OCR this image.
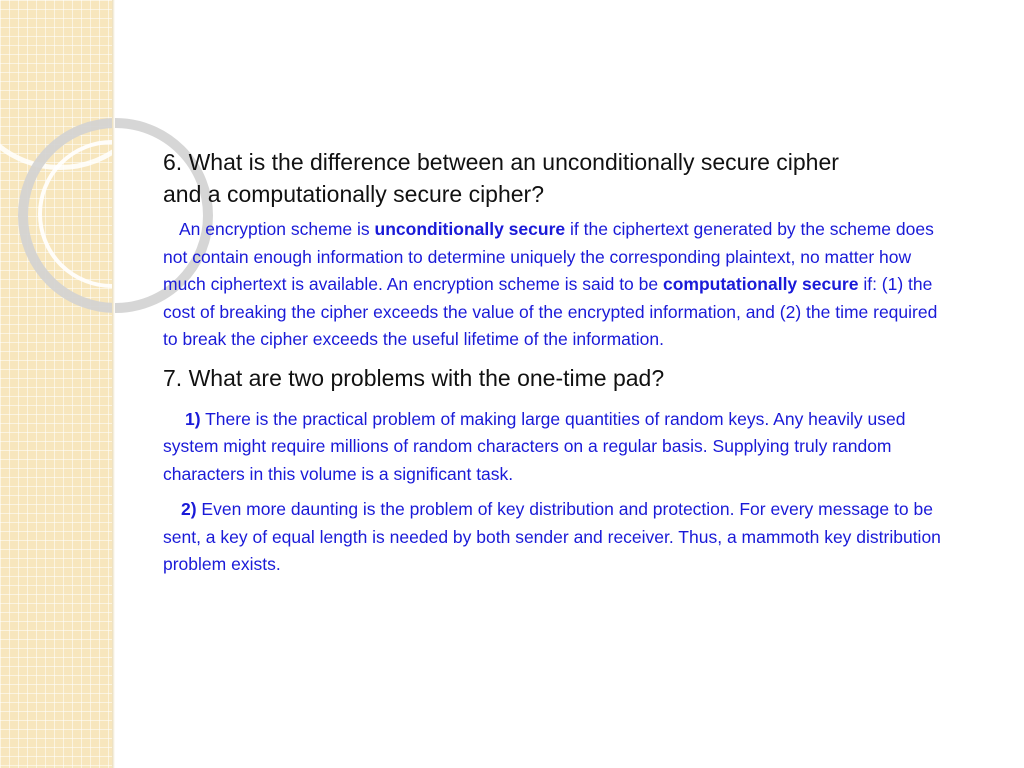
6. What is the difference between an unconditionally secure cipher
and a computationally secure cipher?

An encryption scheme is unconditionally secure if the ciphertext generated by the scheme does not contain enough information to determine uniquely the corresponding plaintext, no matter how much ciphertext is available. An encryption scheme is said to be computationally secure if: (1) the cost of breaking the cipher exceeds the value of the encrypted information, and (2) the time required to break the cipher exceeds the useful lifetime of the information.

7. What are two problems with the one-time pad?

1) There is the practical problem of making large quantities of random keys. Any heavily used system might require millions of random characters on a regular basis. Supplying truly random characters in this volume is a significant task.

2) Even more daunting is the problem of key distribution and protection. For every message to be sent, a key of equal length is needed by both sender and receiver. Thus, a mammoth key distribution problem exists.
